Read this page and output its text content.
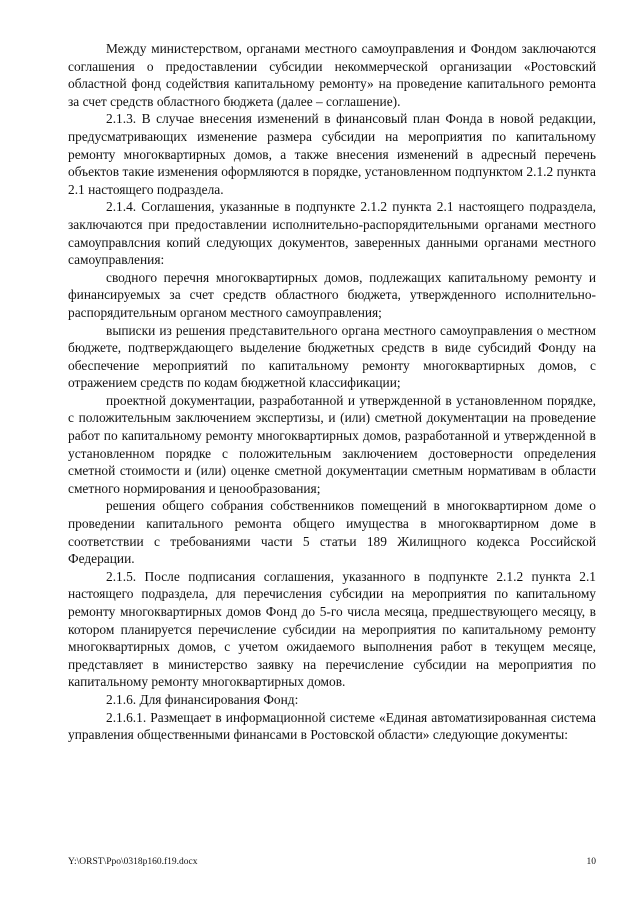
Между министерством, органами местного самоуправления и Фондом заключаются соглашения о предоставлении субсидии некоммерческой организации «Ростовский областной фонд содействия капитальному ремонту» на проведение капитального ремонта за счет средств областного бюджета (далее – соглашение).

2.1.3. В случае внесения изменений в финансовый план Фонда в новой редакции, предусматривающих изменение размера субсидии на мероприятия по капитальному ремонту многоквартирных домов, а также внесения изменений в адресный перечень объектов такие изменения оформляются в порядке, установленном подпунктом 2.1.2 пункта 2.1 настоящего подраздела.

2.1.4. Соглашения, указанные в подпункте 2.1.2 пункта 2.1 настоящего подраздела, заключаются при предоставлении исполнительно-распорядительными органами местного самоуправлсния копий следующих документов, заверенных данными органами местного самоуправления:

сводного перечня многоквартирных домов, подлежащих капитальному ремонту и финансируемых за счет средств областного бюджета, утвержденного исполнительно-распорядительным органом местного самоуправления;

выписки из решения представительного органа местного самоуправления о местном бюджете, подтверждающего выделение бюджетных средств в виде субсидий Фонду на обеспечение мероприятий по капитальному ремонту многоквартирных домов, с отражением средств по кодам бюджетной классификации;

проектной документации, разработанной и утвержденной в установленном порядке, с положительным заключением экспертизы, и (или) сметной документации на проведение работ по капитальному ремонту многоквартирных домов, разработанной и утвержденной в установленном порядке с положительным заключением достоверности определения сметной стоимости и (или) оценке сметной документации сметным нормативам в области сметного нормирования и ценообразования;

решения общего собрания собственников помещений в многоквартирном доме о проведении капитального ремонта общего имущества в многоквартирном доме в соответствии с требованиями части 5 статьи 189 Жилищного кодекса Российской Федерации.

2.1.5. После подписания соглашения, указанного в подпункте 2.1.2 пункта 2.1 настоящего подраздела, для перечисления субсидии на мероприятия по капитальному ремонту многоквартирных домов Фонд до 5-го числа месяца, предшествующего месяцу, в котором планируется перечисление субсидии на мероприятия по капитальному ремонту многоквартирных домов, с учетом ожидаемого выполнения работ в текущем месяце, представляет в министерство заявку на перечисление субсидии на мероприятия по капитальному ремонту многоквартирных домов.

2.1.6. Для финансирования Фонд:

2.1.6.1. Размещает в информационной системе «Единая автоматизированная система управления общественными финансами в Ростовской области» следующие документы:

Y:\ORST\Ppo\0318p160.f19.docx	10
